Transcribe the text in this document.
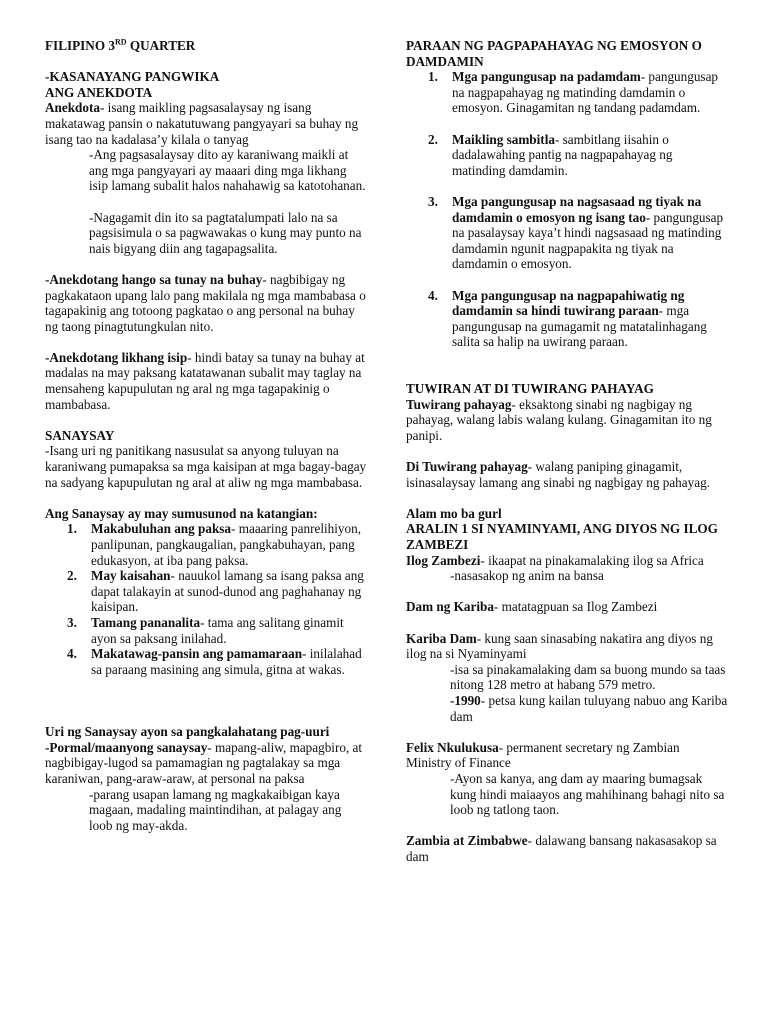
FILIPINO 3RD QUARTER

-KASANAYANG PANGWIKA

ANG ANEKDOTA

Anekdota- isang maikling pagsasalaysay ng isang makatawag pansin o nakatutuwang pangyayari sa buhay ng isang tao na kadalasa’y kilala o tanyag

-Ang pagsasalaysay dito ay karaniwang maikli at ang mga pangyayari ay maaari ding mga likhang isip lamang subalit halos nahahawig sa katotohanan.

-Nagagamit din ito sa pagtatalumpati lalo na sa pagsisimula o sa pagwawakas o kung may punto na nais bigyang diin ang tagapagsalita.

-Anekdotang hango sa tunay na buhay- nagbibigay ng pagkakataon upang lalo pang makilala ng mga mambabasa o tagapakinig ang totoong pagkatao o ang personal na buhay ng taong pinagtutungkulan nito.

-Anekdotang likhang isip- hindi batay sa tunay na buhay at madalas na may paksang katatawanan subalit may taglay na mensaheng kapupulutan ng aral ng mga tagapakinig o mambabasa.

SANAYSAY

-Isang uri ng panitikang nasusulat sa anyong tuluyan na karaniwang pumapaksa sa mga kaisipan at mga bagay-bagay na sadyang kapupulutan ng aral at aliw ng mga mambabasa.

Ang Sanaysay ay may sumusunod na katangian:

1. Makabuluhan ang paksa- maaaring panrelihiyon, panlipunan, pangkaugalian, pangkabuhayan, pang edukasyon, at iba pang paksa.
2. May kaisahan- nauukol lamang sa isang paksa ang dapat talakayin at sunod-dunod ang paghahanay ng kaisipan.
3. Tamang pananalita- tama ang salitang ginamit ayon sa paksang inilahad.
4. Makatawag-pansin ang pamamaraan- inilalahad sa paraang masining ang simula, gitna at wakas.

Uri ng Sanaysay ayon sa pangkalahatang pag-uuri

-Pormal/maanyong sanaysay- mapang-aliw, mapagbiro, at nagbibigay-lugod sa pamamagian ng pagtalakay sa mga karaniwan, pang-araw-araw, at personal na paksa

-parang usapan lamang ng magkakaibigan kaya magaan, madaling maintindihan, at palagay ang loob ng may-akda.

PARAAN NG PAGPAPAHAYAG NG EMOSYON O DAMDAMIN

1. Mga pangungusap na padamdam- pangungusap na nagpapahayag ng matinding damdamin o emosyon. Ginagamitan ng tandang padamdam.
2. Maikling sambitla- sambitlang iisahin o dadalawahing pantig na nagpapahayag ng matinding damdamin.
3. Mga pangungusap na nagsasaad ng tiyak na damdamin o emosyon ng isang tao- pangungusap na pasalaysay kaya’t hindi nagsasaad ng matinding damdamin ngunit nagpapakita ng tiyak na damdamin o emosyon.
4. Mga pangungusap na nagpapahiwatig ng damdamin sa hindi tuwirang paraan- mga pangungusap na gumagamit ng matatalinhagang salita sa halip na uwirang paraan.

TUWIRAN AT DI TUWIRANG PAHAYAG

Tuwirang pahayag- eksaktong sinabi ng nagbigay ng pahayag, walang labis walang kulang. Ginagamitan ito ng panipi.

Di Tuwirang pahayag- walang paniping ginagamit, isinasalaysay lamang ang sinabi ng nagbigay ng pahayag.

Alam mo ba gurl

ARALIN 1 SI NYAMINYAMI, ANG DIYOS NG ILOG ZAMBEZI

Ilog Zambezi- ikaapat na pinakamalaking ilog sa Africa

-nasasakop ng anim na bansa

Dam ng Kariba- matatagpuan sa Ilog Zambezi

Kariba Dam- kung saan sinasabing nakatira ang diyos ng ilog na si Nyaminyami

-isa sa pinakamalaking dam sa buong mundo sa taas nitong 128 metro at habang 579 metro.

-1990- petsa kung kailan tuluyang nabuo ang Kariba dam

Felix Nkulukusa- permanent secretary ng Zambian Ministry of Finance

-Ayon sa kanya, ang dam ay maaring bumagsak kung hindi maiaayos ang mahihinang bahagi nito sa loob ng tatlong taon.

Zambia at Zimbabwe- dalawang bansang nakasasakop sa dam
